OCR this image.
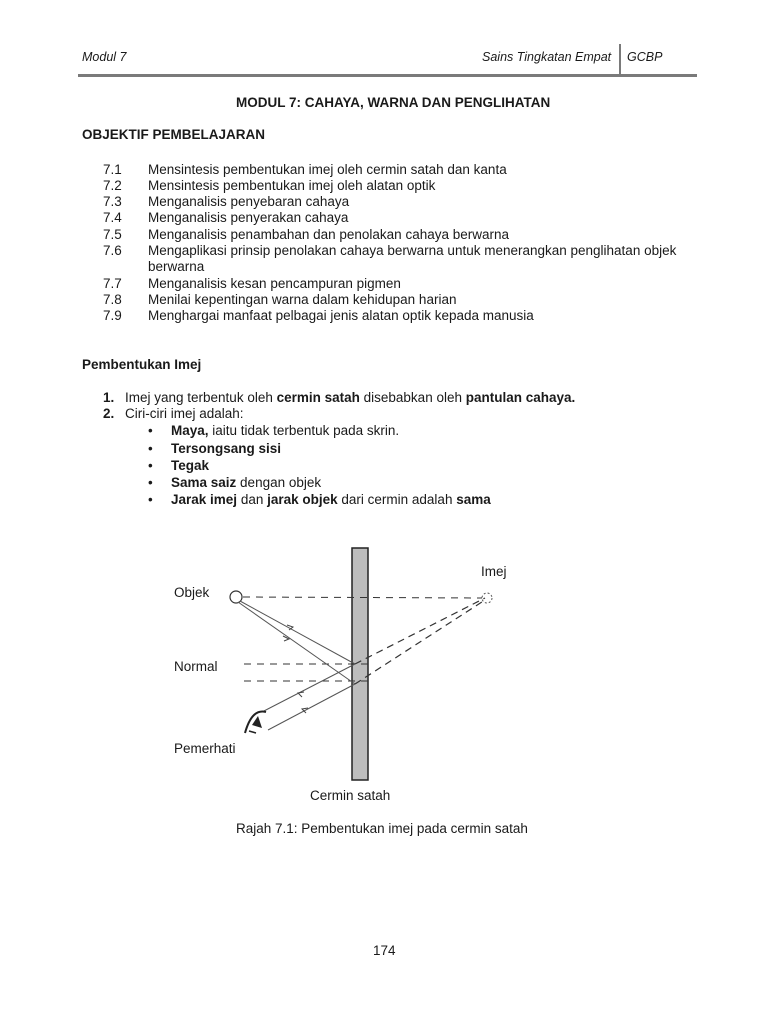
Modul 7	Sains Tingkatan Empat GCBP
MODUL 7: CAHAYA, WARNA DAN PENGLIHATAN
OBJEKTIF PEMBELAJARAN
7.1 Mensintesis pembentukan imej oleh cermin satah dan kanta
7.2 Mensintesis pembentukan imej oleh alatan optik
7.3 Menganalisis penyebaran cahaya
7.4 Menganalisis penyerakan cahaya
7.5 Menganalisis penambahan dan penolakan cahaya berwarna
7.6 Mengaplikasi prinsip penolakan cahaya berwarna untuk menerangkan penglihatan objek
berwarna
7.7 Menganalisis kesan pencampuran pigmen
7.8 Menilai kepentingan warna dalam kehidupan harian
7.9 Menghargai manfaat pelbagai jenis alatan optik kepada manusia
Pembentukan Imej
1. Imej yang terbentuk oleh cermin satah disebabkan oleh pantulan cahaya.
2. Ciri-ciri imej adalah:
• Maya, iaitu tidak terbentuk pada skrin.
• Tersongsang sisi
• Tegak
• Sama saiz dengan objek
• Jarak imej dan jarak objek dari cermin adalah sama
Imej
Objek
Normal
Pemerhati
Cermin satah
Rajah 7.1: Pembentukan imej pada cermin satah
174
